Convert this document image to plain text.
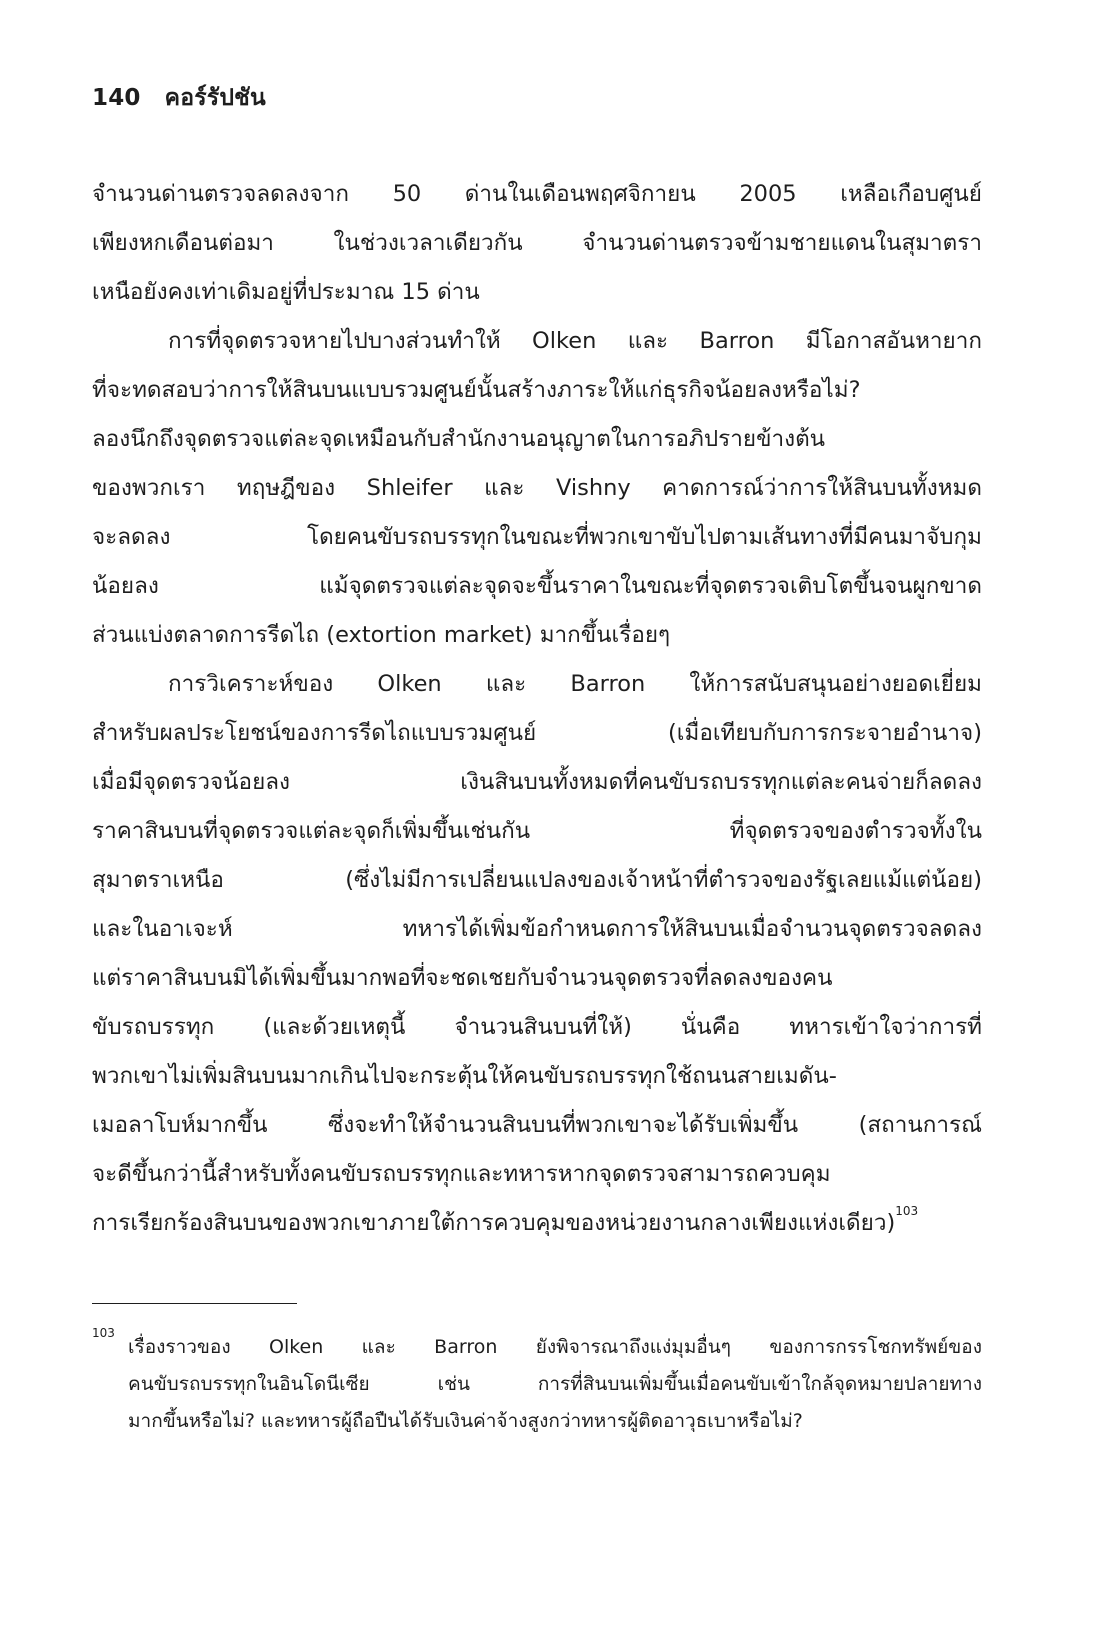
140 คอร์รัปชัน
จำนวนด่านตรวจลดลงจาก 50 ด่านในเดือนพฤศจิกายน 2005 เหลือเกือบศูนย์
เพียงหกเดือนต่อมา ในช่วงเวลาเดียวกัน จำนวนด่านตรวจข้ามชายแดนในสุมาตรา
เหนือยังคงเท่าเดิมอยู่ที่ประมาณ 15 ด่าน
การที่จุดตรวจหายไปบางส่วนทำให้ Olken และ Barron มีโอกาสอันหายาก
ที่จะทดสอบว่าการให้สินบนแบบรวมศูนย์นั้นสร้างภาระให้แก่ธุรกิจน้อยลงหรือไม่?
ลองนึกถึงจุดตรวจแต่ละจุดเหมือนกับสำนักงานอนุญาตในการอภิปรายข้างต้น
ของพวกเรา ทฤษฎีของ Shleifer และ Vishny คาดการณ์ว่าการให้สินบนทั้งหมด
จะลดลง โดยคนขับรถบรรทุกในขณะที่พวกเขาขับไปตามเส้นทางที่มีคนมาจับกุม
น้อยลง แม้จุดตรวจแต่ละจุดจะขึ้นราคาในขณะที่จุดตรวจเติบโตขึ้นจนผูกขาด
ส่วนแบ่งตลาดการรีดไถ (extortion market) มากขึ้นเรื่อยๆ
การวิเคราะห์ของ Olken และ Barron ให้การสนับสนุนอย่างยอดเยี่ยม
สำหรับผลประโยชน์ของการรีดไถแบบรวมศูนย์ (เมื่อเทียบกับการกระจายอำนาจ)
เมื่อมีจุดตรวจน้อยลง เงินสินบนทั้งหมดที่คนขับรถบรรทุกแต่ละคนจ่ายก็ลดลง
ราคาสินบนที่จุดตรวจแต่ละจุดก็เพิ่มขึ้นเช่นกัน ที่จุดตรวจของตำรวจทั้งใน
สุมาตราเหนือ (ซึ่งไม่มีการเปลี่ยนแปลงของเจ้าหน้าที่ตำรวจของรัฐเลยแม้แต่น้อย)
และในอาเจะห์ ทหารได้เพิ่มข้อกำหนดการให้สินบนเมื่อจำนวนจุดตรวจลดลง
แต่ราคาสินบนมิได้เพิ่มขึ้นมากพอที่จะชดเชยกับจำนวนจุดตรวจที่ลดลงของคน
ขับรถบรรทุก (และด้วยเหตุนี้ จำนวนสินบนที่ให้) นั่นคือ ทหารเข้าใจว่าการที่
พวกเขาไม่เพิ่มสินบนมากเกินไปจะกระตุ้นให้คนขับรถบรรทุกใช้ถนนสายเมดัน-
เมอลาโบห์มากขึ้น ซึ่งจะทำให้จำนวนสินบนที่พวกเขาจะได้รับเพิ่มขึ้น (สถานการณ์
จะดีขึ้นกว่านี้สำหรับทั้งคนขับรถบรรทุกและทหารหากจุดตรวจสามารถควบคุม
การเรียกร้องสินบนของพวกเขาภายใต้การควบคุมของหน่วยงานกลางเพียงแห่งเดียว)$^{103}$
103
เรื่องราวของ Olken และ Barron ยังพิจารณาถึงแง่มุมอื่นๆ ของการกรรโชกทรัพย์ของ
คนขับรถบรรทุกในอินโดนีเซีย เช่น การที่สินบนเพิ่มขึ้นเมื่อคนขับเข้าใกล้จุดหมายปลายทาง
มากขึ้นหรือไม่? และทหารผู้ถือปืนได้รับเงินค่าจ้างสูงกว่าทหารผู้ติดอาวุธเบาหรือไม่?
